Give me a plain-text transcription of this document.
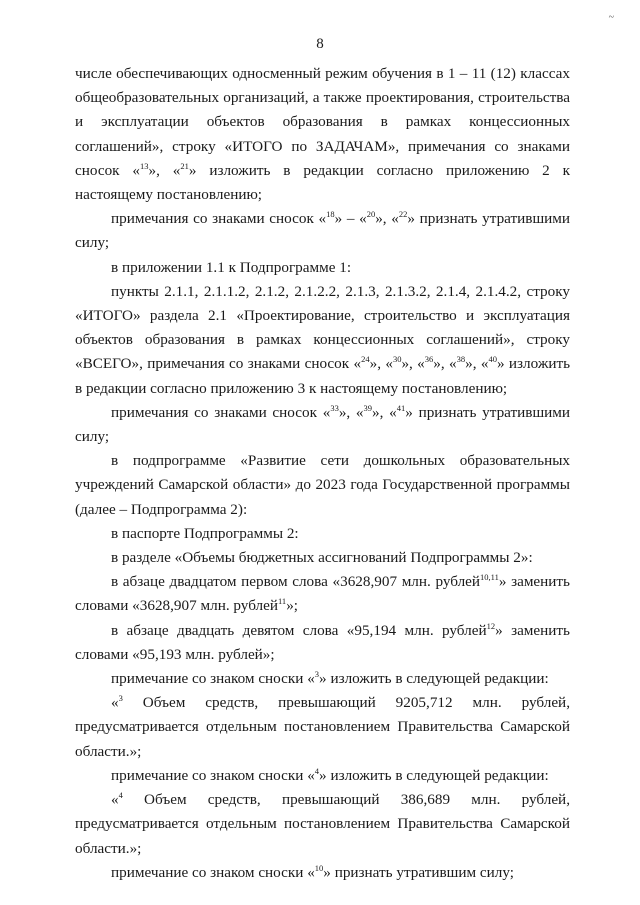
~
8

числе обеспечивающих односменный режим обучения в 1 – 11 (12) классах общеобразовательных организаций, а также проектирования, строительства и эксплуатации объектов образования в рамках концессионных соглашений», строку «ИТОГО по ЗАДАЧАМ», примечания со знаками сносок «$^{13}$», «$^{21}$» изложить в редакции согласно приложению 2 к настоящему постановлению;

примечания со знаками сносок «$^{18}$» – «$^{20}$», «$^{22}$» признать утратившими силу;

в приложении 1.1 к Подпрограмме 1:

пункты 2.1.1, 2.1.1.2, 2.1.2, 2.1.2.2, 2.1.3, 2.1.3.2, 2.1.4, 2.1.4.2, строку «ИТОГО» раздела 2.1 «Проектирование, строительство и эксплуатация объектов образования в рамках концессионных соглашений», строку «ВСЕГО», примечания со знаками сносок «$^{24}$», «$^{30}$», «$^{36}$», «$^{38}$», «$^{40}$» изложить в редакции согласно приложению 3 к настоящему постановлению;

примечания со знаками сносок «$^{33}$», «$^{39}$», «$^{41}$» признать утратившими силу;

в подпрограмме «Развитие сети дошкольных образовательных учреждений Самарской области» до 2023 года Государственной программы (далее – Подпрограмма 2):

в паспорте Подпрограммы 2:

в разделе «Объемы бюджетных ассигнований Подпрограммы 2»:

в абзаце двадцатом первом слова «3628,907 млн. рублей$^{10,11}$» заменить словами «3628,907 млн. рублей$^{11}$»;

в абзаце двадцать девятом слова «95,194 млн. рублей$^{12}$» заменить словами «95,193 млн. рублей»;

примечание со знаком сноски «$^3$» изложить в следующей редакции:

«$^3$ Объем средств, превышающий 9205,712 млн. рублей, предусматривается отдельным постановлением Правительства Самарской области.»;

примечание со знаком сноски «$^4$» изложить в следующей редакции:

«$^4$ Объем средств, превышающий 386,689 млн. рублей, предусматривается отдельным постановлением Правительства Самарской области.»;

примечание со знаком сноски «$^{10}$» признать утратившим силу;
